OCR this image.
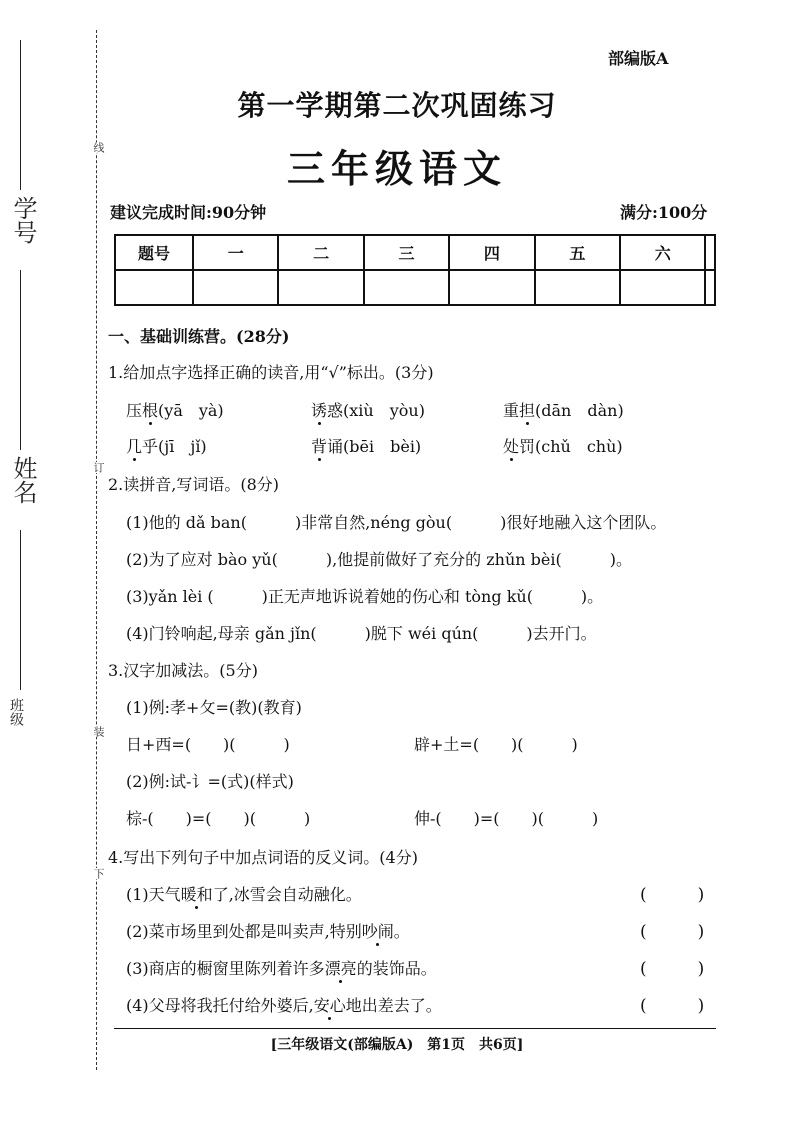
学号
姓名
班级
线
订
装
下
部编版A
第一学期第二次巩固练习
三年级语文
建议完成时间:90分钟	满分:100分
题号	一	二	三	四	五	六	

一、基础训练营。(28分)
1.给加点字选择正确的读音,用“√”标出。(3分)
压根(yā　yà)	诱惑(xiù　yòu)	重担(dān　dàn)
几乎(jī　jǐ)	背诵(bēi　bèi)	处罚(chǔ　chù)
2.读拼音,写词语。(8分)
(1)他的 dǎ ban(　　　)非常自然,néng gòu(　　　)很好地融入这个团队。
(2)为了应对 bào yǔ(　　　),他提前做好了充分的 zhǔn bèi(　　　)。
(3)yǎn lèi (　　　)正无声地诉说着她的伤心和 tòng kǔ(　　　)。
(4)门铃响起,母亲 gǎn jǐn(　　　)脱下 wéi qún(　　　)去开门。
3.汉字加减法。(5分)
(1)例:孝+攵=(教)(教育)
日+西=(　　)(　　　)	辟+土=(　　)(　　　)
(2)例:试-讠=(式)(样式)
棕-(　　)=(　　)(　　　)	伸-(　　)=(　　)(　　　)
4.写出下列句子中加点词语的反义词。(4分)
(1)天气暖和了,冰雪会自动融化。	(　　　)
(2)菜市场里到处都是叫卖声,特别吵闹。	(　　　)
(3)商店的橱窗里陈列着许多漂亮的装饰品。	(　　　)
(4)父母将我托付给外婆后,安心地出差去了。	(　　　)
[三年级语文(部编版A)　第1页　共6页]
